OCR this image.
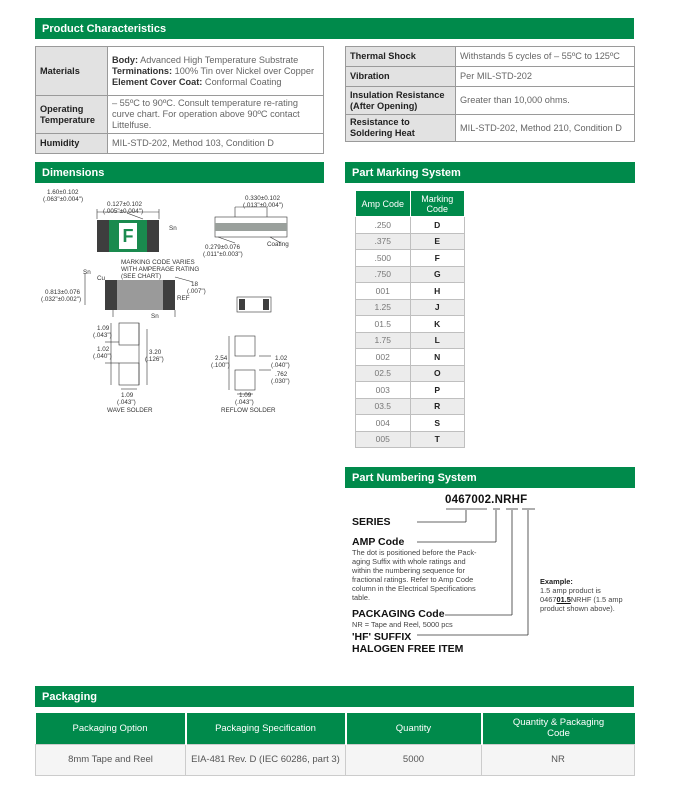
Product Characteristics
Materials	Body: Advanced High Temperature Substrate
Terminations: 100% Tin over Nickel over Copper
Element Cover Coat: Conformal Coating

Operating Temperature	– 55ºC to 90ºC. Consult temperature re-rating curve chart. For operation above 90ºC contact Littelfuse.
Humidity	MIL-STD-202, Method 103, Condition D
Thermal Shock	Withstands 5 cycles of – 55ºC to 125ºC
Vibration	Per MIL-STD-202
Insulation Resistance (After Opening)	Greater than 10,000 ohms.
Resistance to Soldering Heat	MIL-STD-202, Method 210, Condition D
Dimensions
F
1.60±0.102
(.063"±0.004")
0.127±0.102
(.005"±0.004")
Sn
0.330±0.102
(.013"±0.004")
Coating
0.279±0.076
(.011"±0.003")
MARKING CODE VARIES
WITH AMPERAGE RATING
(SEE CHART)
Sn
Cu
0.813±0.076
(.032"±0.002")
18
(.007")
REF
Sn
1.09
(.043")
1.02
(.040")
3.20
(.126")
1.09
(.043")
WAVE SOLDER
2.54
(.100")
1.02
(.040")
.762
(.030")
1.09
(.043")
REFLOW SOLDER
Part Marking System
Amp Code	Marking Code
.250	D
.375	E
.500	F
.750	G
001	H
1.25	J
01.5	K
1.75	L
002	N
02.5	O
003	P
03.5	R
004	S
005	T
Part Numbering System
0467002.NRHF
SERIES
AMP Code
The dot is positioned before the Pack-
aging Suffix with whole ratings and
within the numbering sequence for
fractional ratings. Refer to Amp Code
column in the Electrical Specifications
table.
PACKAGING Code
NR = Tape and Reel, 5000 pcs
'HF' SUFFIX
HALOGEN FREE ITEM
Example:
1.5 amp product is
046701.5NRHF (1.5 amp
product shown above).
Packaging
Packaging Option	Packaging Specification	Quantity	Quantity & Packaging Code
8mm Tape and Reel	EIA-481 Rev. D (IEC 60286, part 3)	5000	NR
